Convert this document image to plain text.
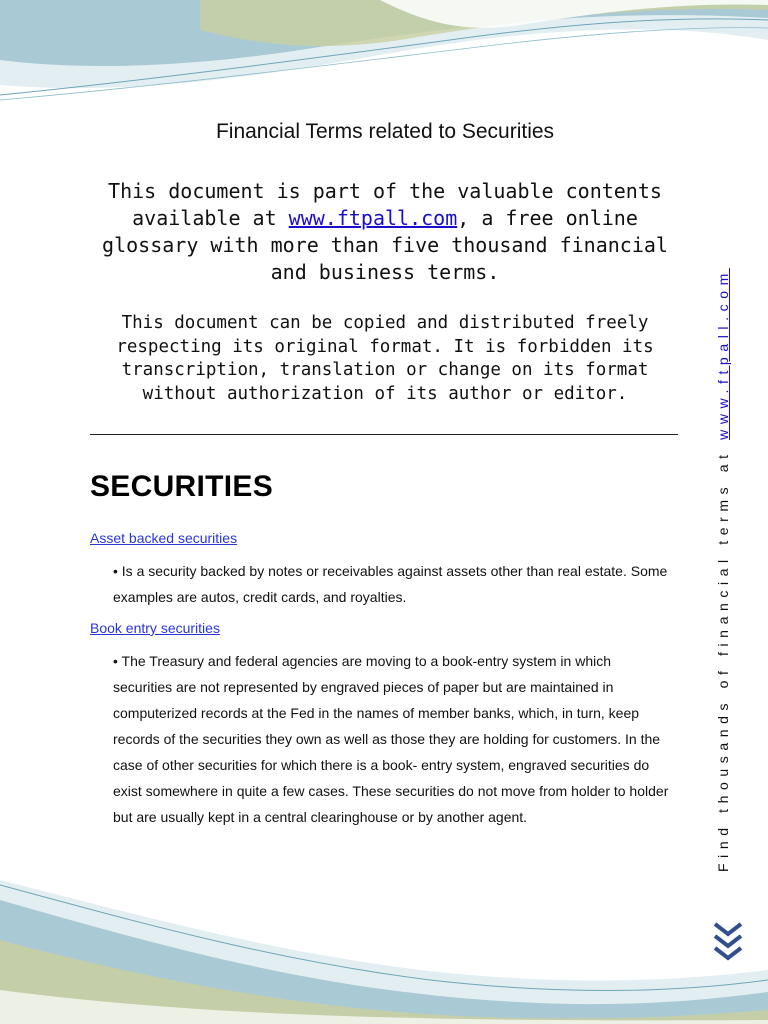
Financial Terms related to Securities
This document is part of the valuable contents available at www.ftpall.com, a free online glossary with more than five thousand financial and business terms.
This document can be copied and distributed freely respecting its original format. It is forbidden its transcription, translation or change on its format without authorization of its author or editor.
SECURITIES
Asset backed securities
• Is a security backed by notes or receivables against assets other than real estate. Some examples are autos, credit cards, and royalties.
Book entry securities
• The Treasury and federal agencies are moving to a book-entry system in which securities are not represented by engraved pieces of paper but are maintained in computerized records at the Fed in the names of member banks, which, in turn, keep records of the securities they own as well as those they are holding for customers. In the case of other securities for which there is a book- entry system, engraved securities do exist somewhere in quite a few cases. These securities do not move from holder to holder but are usually kept in a central clearinghouse or by another agent.	Find thousands of financial terms at www.ftpall.com
